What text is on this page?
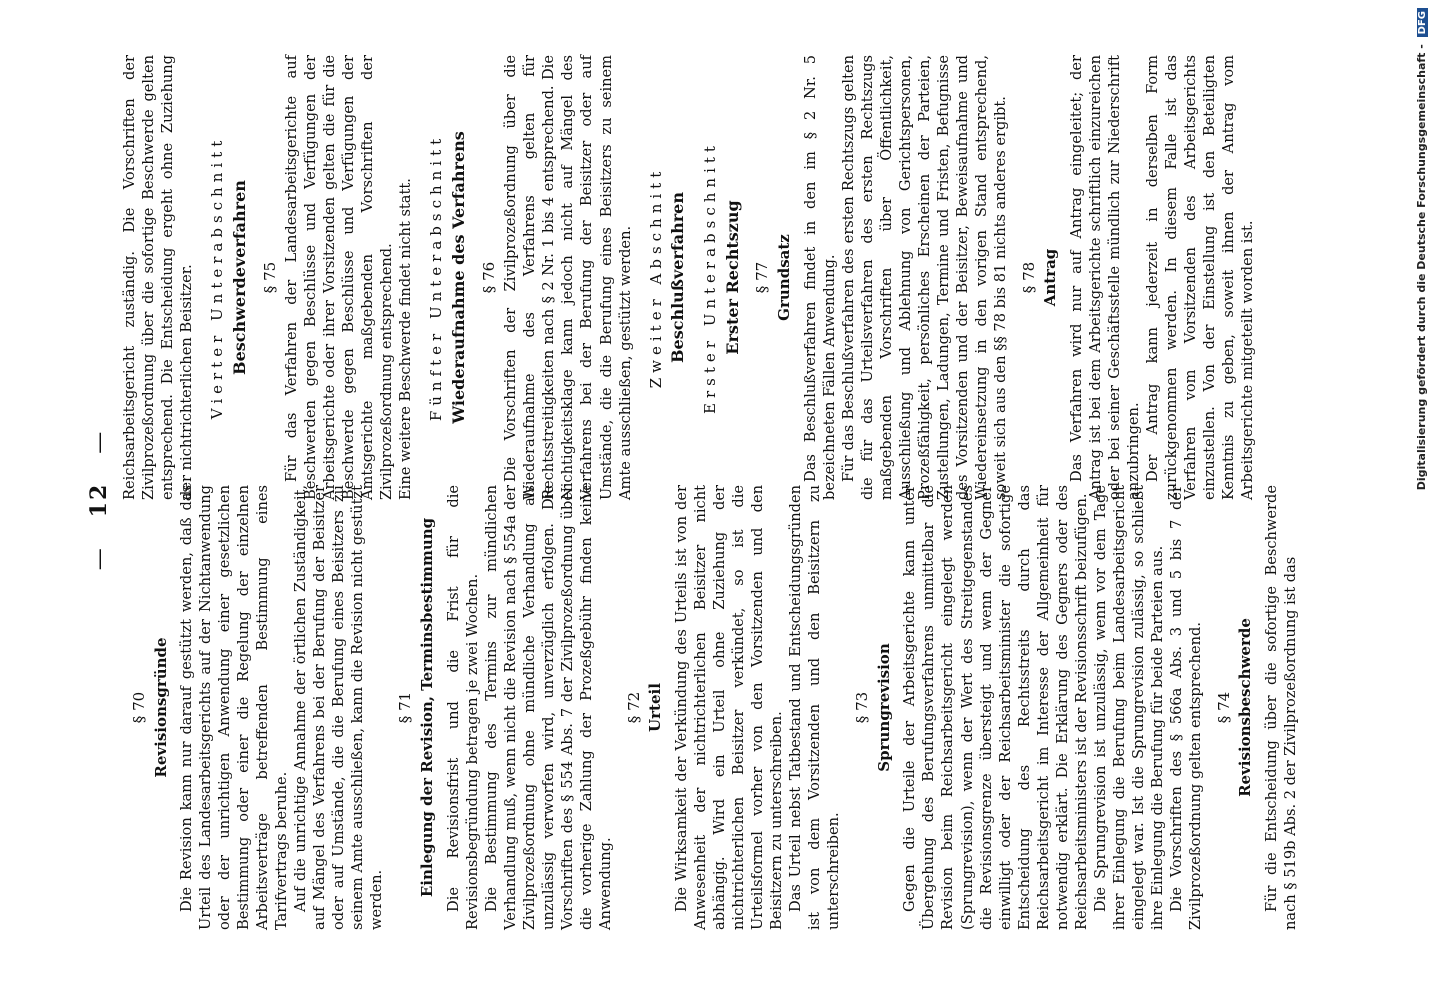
—   12   —
§ 70 Revisionsgründe Die Revision kann nur darauf gestützt werden, daß das Urteil des Landesarbeitsgerichts auf der Nichtanwendung oder der unrichtigen Anwendung einer gesetzlichen Bestimmung oder einer die Regelung der einzelnen Arbeitsverträge betreffenden Bestimmung eines Tarifvertrags beruhe. Auf die unrichtige Annahme der örtlichen Zuständigkeit, auf Mängel des Verfahrens bei der Berufung der Beisitzer oder auf Umstände, die die Berufung eines Beisitzers zu seinem Amte ausschließen, kann die Revision nicht gestützt werden.
§ 71 Einlegung der Revision, Terminsbestimmung Die Revisionsfrist und die Frist für die Revisionsbegründung betragen je zwei Wochen. Die Bestimmung des Termins zur mündlichen Verhandlung muß, wenn nicht die Revision nach § 554a der Zivilprozeßordnung ohne mündliche Verhandlung als unzulässig verworfen wird, unverzüglich erfolgen. Die Vorschriften des § 554 Abs. 7 der Zivilprozeßordnung über die vorherige Zahlung der Prozeßgebühr finden keine Anwendung.
§ 72 Urteil Die Wirksamkeit der Verkündung des Urteils ist von der Anwesenheit der nichtrichterlichen Beisitzer nicht abhängig. Wird ein Urteil ohne Zuziehung der nichtrichterlichen Beisitzer verkündet, so ist die Urteilsformel vorher von den Vorsitzenden und den Beisitzern zu unterschreiben. Das Urteil nebst Tatbestand und Entscheidungsgründen ist von dem Vorsitzenden und den Beisitzern zu unterschreiben.
§ 73 Sprungrevision Gegen die Urteile der Arbeitsgerichte kann unter Übergehung des Berufungsverfahrens unmittelbar die Revision beim Reichsarbeitsgericht eingelegt werden (Sprungrevision), wenn der Wert des Streitgegenstandes die Revisionsgrenze übersteigt und wenn der Gegner einwilligt oder der Reichsarbeitsminister die sofortige Entscheidung des Rechtsstreits durch das Reichsarbeitsgericht im Interesse der Allgemeinheit für notwendig erklärt. Die Erklärung des Gegners oder des Reichsarbeitsministers ist der Revisionsschrift beizufügen. Die Sprungrevision ist unzulässig, wenn vor dem Tage ihrer Einlegung die Berufung beim Landesarbeitsgericht eingelegt war. Ist die Sprungrevision zulässig, so schließt ihre Einlegung die Berufung für beide Parteien aus. Die Vorschriften des § 566a Abs. 3 und 5 bis 7 der Zivilprozeßordnung gelten entsprechend. § 74 Revisionsbeschwerde Für die Entscheidung über die sofortige Beschwerde nach § 519b Abs. 2 der Zivilprozeßordnung ist das
Reichsarbeitsgericht zuständig. Die Vorschriften der Zivilprozeßordnung über die sofortige Beschwerde gelten entsprechend. Die Entscheidung ergeht ohne Zuziehung der nichtrichterlichen Beisitzer. Vierter Unterabschnitt Beschwerdeverfahren § 75 Für das Verfahren der Landesarbeitsgerichte auf Beschwerden gegen Beschlüsse und Verfügungen der Arbeitsgerichte oder ihrer Vorsitzenden gelten die für die Beschwerde gegen Beschlüsse und Verfügungen der Amtsgerichte maßgebenden Vorschriften der Zivilprozeßordnung entsprechend. Eine weitere Beschwerde findet nicht statt. Fünfter Unterabschnitt Wiederaufnahme des Verfahrens § 76 Die Vorschriften der Zivilprozeßordnung über die Wiederaufnahme des Verfahrens gelten für Rechtsstreitigkeiten nach § 2 Nr. 1 bis 4 entsprechend. Die Nichtigkeitsklage kann jedoch nicht auf Mängel des Verfahrens bei der Berufung der Beisitzer oder auf Umstände, die die Berufung eines Beisitzers zu seinem Amte ausschließen, gestützt werden. Zweiter Abschnitt Beschlußverfahren Erster Unterabschnitt Erster Rechtszug § 77 Grundsatz Das Beschlußverfahren findet in den im § 2 Nr. 5 bezeichneten Fällen Anwendung. Für das Beschlußverfahren des ersten Rechtszugs gelten die für das Urteilsverfahren des ersten Rechtszugs maßgebenden Vorschriften über Öffentlichkeit, Ausschließung und Ablehnung von Gerichtspersonen, Prozeßfähigkeit, persönliches Erscheinen der Parteien, Zustellungen, Ladungen, Termine und Fristen, Befugnisse des Vorsitzenden und der Beisitzer, Beweisaufnahme und Wiedereinsetzung in den vorigen Stand entsprechend, soweit sich aus den §§ 78 bis 81 nichts anderes ergibt. § 78 Antrag Das Verfahren wird nur auf Antrag eingeleitet; der Antrag ist bei dem Arbeitsgerichte schriftlich einzureichen oder bei seiner Geschäftsstelle mündlich zur Niederschrift anzubringen. Der Antrag kann jederzeit in derselben Form zurückgenommen werden. In diesem Falle ist das Verfahren vom Vorsitzenden des Arbeitsgerichts einzustellen. Von der Einstellung ist den Beteiligten Kenntnis zu geben, soweit ihnen der Antrag vom Arbeitsgerichte mitgeteilt worden ist.	Digitalisierung gefördert durch die Deutsche Forschungsgemeinschaft - DFG
